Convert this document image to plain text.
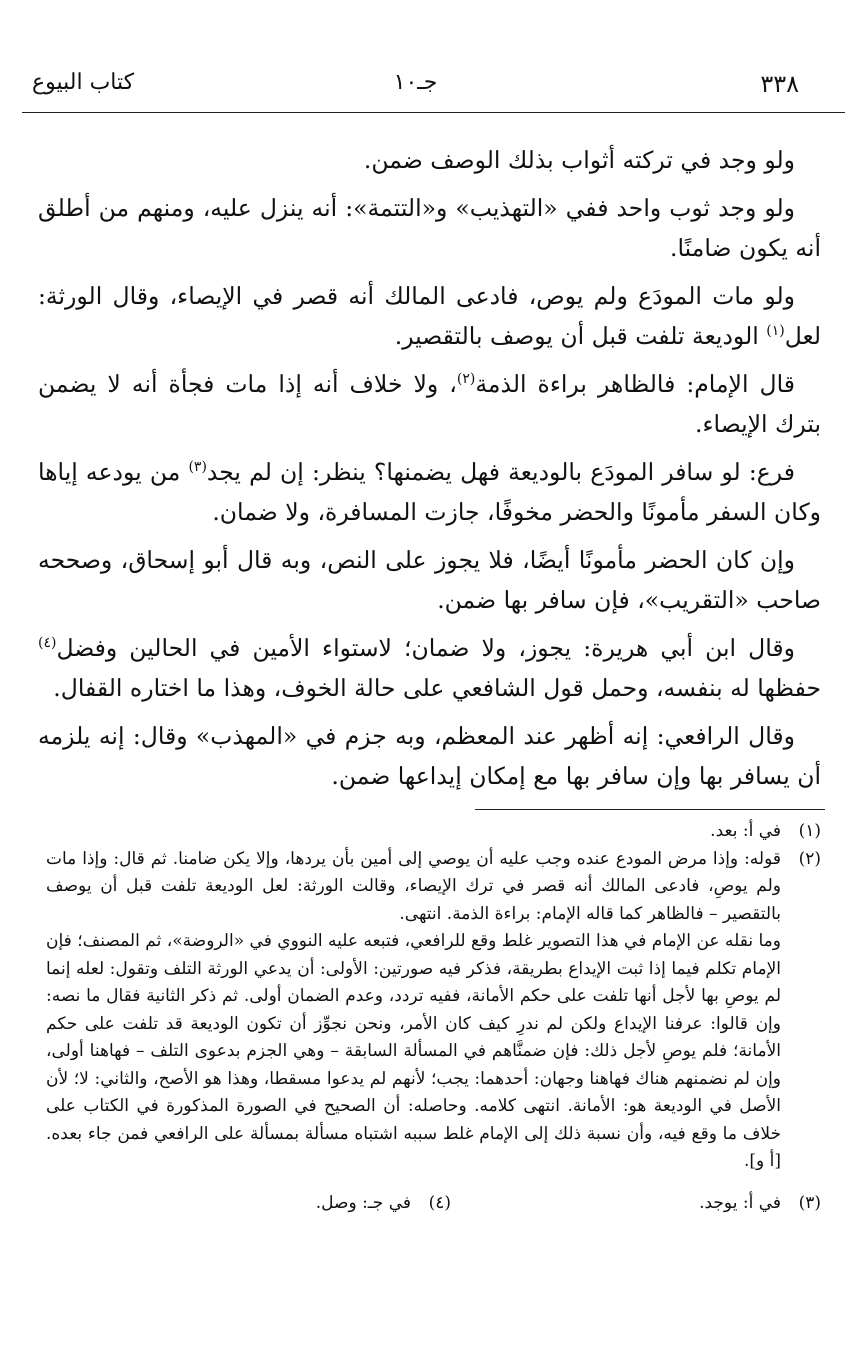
٣٣٨
جـ١٠
كتاب البيوع

ولو وجد في تركته أثواب بذلك الوصف ضمن.

ولو وجد ثوب واحد ففي «التهذيب» و«التتمة»: أنه ينزل عليه، ومنهم من أطلق أنه يكون ضامنًا.

ولو مات المودَع ولم يوص، فادعى المالك أنه قصر في الإيصاء، وقال الورثة: لعل$^{(١)}$ الوديعة تلفت قبل أن يوصف بالتقصير.

قال الإمام: فالظاهر براءة الذمة$^{(٢)}$، ولا خلاف أنه إذا مات فجأة أنه لا يضمن بترك الإيصاء.

فرع: لو سافر المودَع بالوديعة فهل يضمنها؟ ينظر: إن لم يجد$^{(٣)}$ من يودعه إياها وكان السفر مأمونًا والحضر مخوفًا، جازت المسافرة، ولا ضمان.

وإن كان الحضر مأمونًا أيضًا، فلا يجوز على النص، وبه قال أبو إسحاق، وصححه صاحب «التقريب»، فإن سافر بها ضمن.

وقال ابن أبي هريرة: يجوز، ولا ضمان؛ لاستواء الأمين في الحالين وفضل$^{(٤)}$ حفظها له بنفسه، وحمل قول الشافعي على حالة الخوف، وهذا ما اختاره القفال.

وقال الرافعي: إنه أظهر عند المعظم، وبه جزم في «المهذب» وقال: إنه يلزمه أن يسافر بها وإن سافر بها مع إمكان إيداعها ضمن.

(١)
في أ: بعد.
(٢)
قوله: وإذا مرض المودع عنده وجب عليه أن يوصي إلى أمين بأن يردها، وإلا يكن ضامنا. ثم قال: وإذا مات ولم يوصِ، فادعى المالك أنه قصر في ترك الإيصاء، وقالت الورثة: لعل الوديعة تلفت قبل أن يوصف بالتقصير – فالظاهر كما قاله الإمام: براءة الذمة. انتهى.
وما نقله عن الإمام في هذا التصوير غلط وقع للرافعي، فتبعه عليه النووي في «الروضة»، ثم المصنف؛ فإن الإمام تكلم فيما إذا ثبت الإيداع بطريقة، فذكر فيه صورتين: الأولى: أن يدعي الورثة التلف وتقول: لعله إنما لم يوصِ بها لأجل أنها تلفت على حكم الأمانة، ففيه تردد، وعدم الضمان أولى. ثم ذكر الثانية فقال ما نصه: وإن قالوا: عرفنا الإيداع ولكن لم ندرِ كيف كان الأمر، ونحن نجوِّز أن تكون الوديعة قد تلفت على حكم الأمانة؛ فلم يوصِ لأجل ذلك: فإن ضمنَّاهم في المسألة السابقة – وهي الجزم بدعوى التلف – فهاهنا أولى، وإن لم نضمنهم هناك فهاهنا وجهان: أحدهما: يجب؛ لأنهم لم يدعوا مسقطا، وهذا هو الأصح، والثاني: لا؛ لأن الأصل في الوديعة هو: الأمانة. انتهى كلامه. وحاصله: أن الصحيح في الصورة المذكورة في الكتاب على خلاف ما وقع فيه، وأن نسبة ذلك إلى الإمام غلط سببه اشتباه مسألة بمسألة على الرافعي فمن جاء بعده. [أ و].
(٣)
في أ: يوجد.
(٤)
في جـ: وصل.
